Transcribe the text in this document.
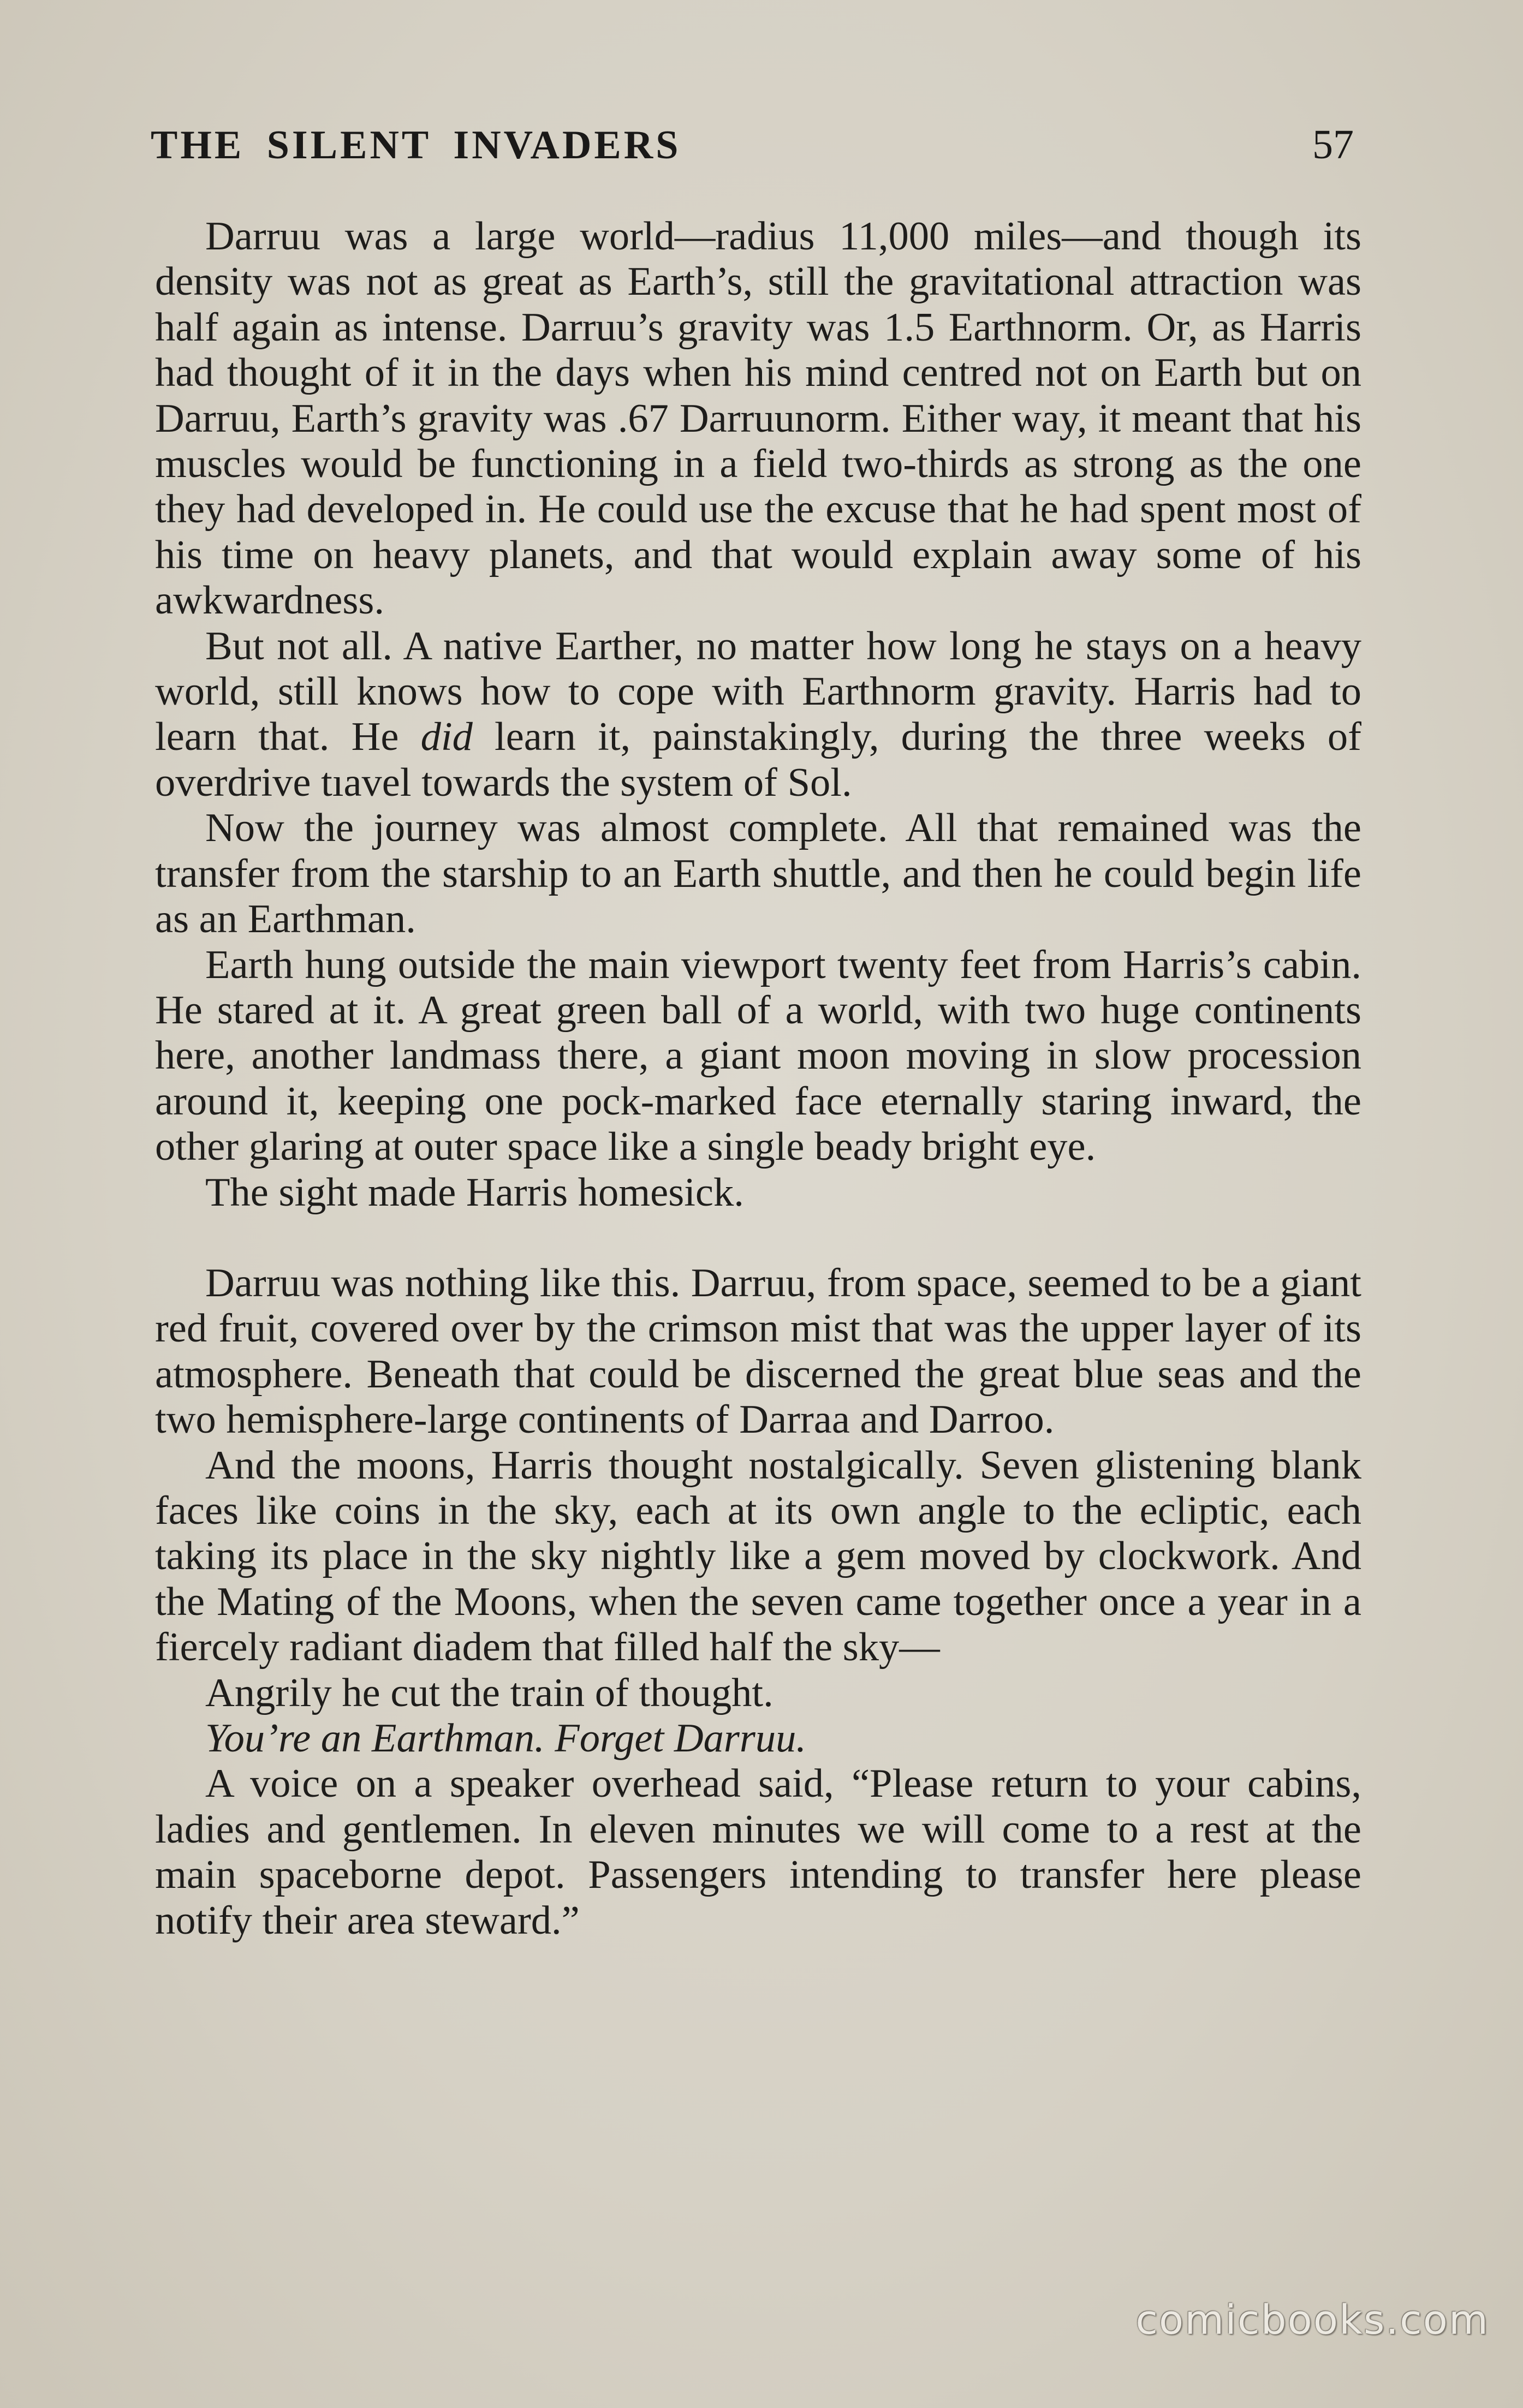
THE SILENT INVADERS	57

Darruu was a large world—radius 11,000 miles—and though its density was not as great as Earth’s, still the gravitational attraction was half again as intense. Darruu’s gravity was 1.5 Earthnorm. Or, as Harris had thought of it in the days when his mind centred not on Earth but on Darruu, Earth’s gravity was .67 Darruunorm. Either way, it meant that his muscles would be functioning in a field two-thirds as strong as the one they had developed in. He could use the excuse that he had spent most of his time on heavy planets, and that would explain away some of his awkwardness.

But not all. A native Earther, no matter how long he stays on a heavy world, still knows how to cope with Earthnorm gravity. Harris had to learn that. He did learn it, painstakingly, during the three weeks of overdrive tıavel towards the system of Sol.

Now the journey was almost complete. All that remained was the transfer from the starship to an Earth shuttle, and then he could begin life as an Earthman.

Earth hung outside the main viewport twenty feet from Harris’s cabin. He stared at it. A great green ball of a world, with two huge continents here, another landmass there, a giant moon moving in slow procession around it, keeping one pock-marked face eternally staring inward, the other glaring at outer space like a single beady bright eye.

The sight made Harris homesick.

Darruu was nothing like this. Darruu, from space, seemed to be a giant red fruit, covered over by the crimson mist that was the upper layer of its atmosphere. Beneath that could be discerned the great blue seas and the two hemisphere-large continents of Darraa and Darroo.

And the moons, Harris thought nostalgically. Seven glistening blank faces like coins in the sky, each at its own angle to the ecliptic, each taking its place in the sky nightly like a gem moved by clockwork. And the Mating of the Moons, when the seven came together once a year in a fiercely radiant diadem that filled half the sky—

Angrily he cut the train of thought.

You’re an Earthman. Forget Darruu.

A voice on a speaker overhead said, “Please return to your cabins, ladies and gentlemen. In eleven minutes we will come to a rest at the main spaceborne depot. Passengers intending to transfer here please notify their area steward.”

comicbooks.com
